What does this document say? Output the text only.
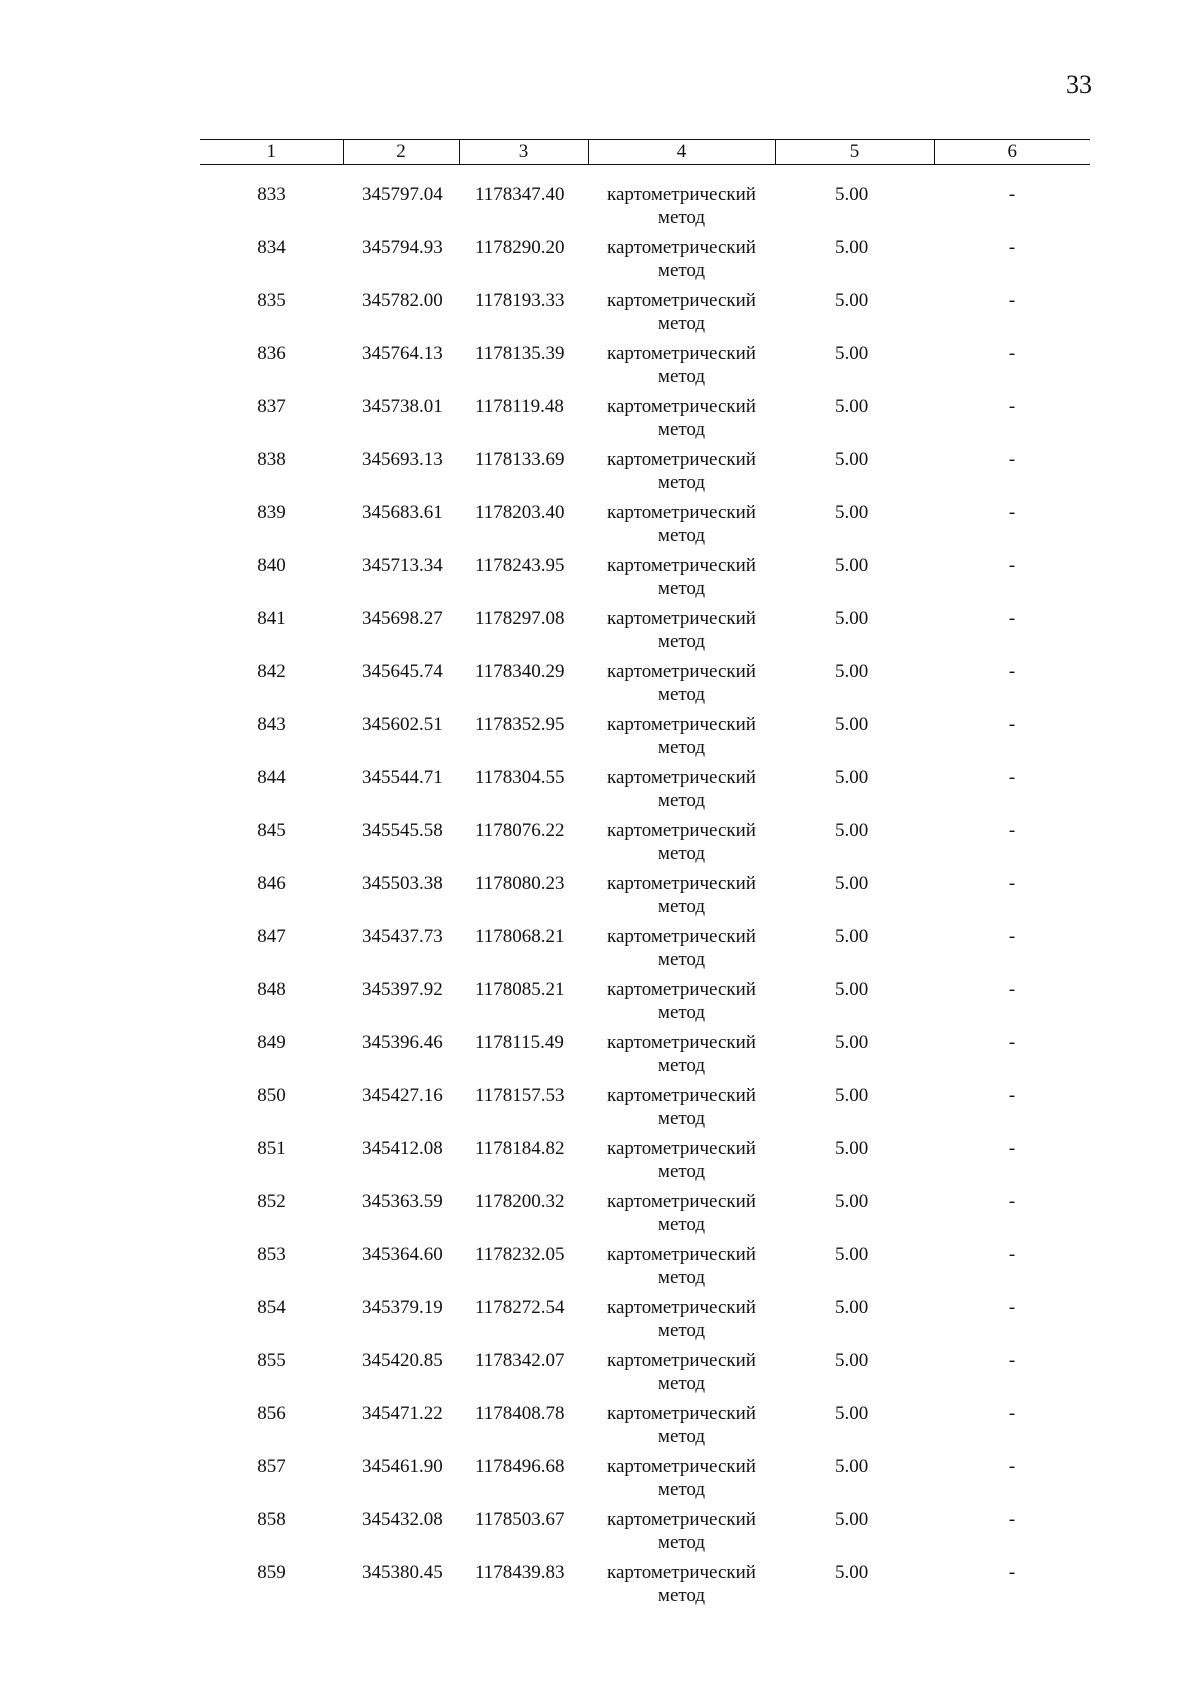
33
1	2	3	4	5	6
833	345797.04	1178347.40	картометрический метод	5.00	-
834	345794.93	1178290.20	картометрический метод	5.00	-
835	345782.00	1178193.33	картометрический метод	5.00	-
836	345764.13	1178135.39	картометрический метод	5.00	-
837	345738.01	1178119.48	картометрический метод	5.00	-
838	345693.13	1178133.69	картометрический метод	5.00	-
839	345683.61	1178203.40	картометрический метод	5.00	-
840	345713.34	1178243.95	картометрический метод	5.00	-
841	345698.27	1178297.08	картометрический метод	5.00	-
842	345645.74	1178340.29	картометрический метод	5.00	-
843	345602.51	1178352.95	картометрический метод	5.00	-
844	345544.71	1178304.55	картометрический метод	5.00	-
845	345545.58	1178076.22	картометрический метод	5.00	-
846	345503.38	1178080.23	картометрический метод	5.00	-
847	345437.73	1178068.21	картометрический метод	5.00	-
848	345397.92	1178085.21	картометрический метод	5.00	-
849	345396.46	1178115.49	картометрический метод	5.00	-
850	345427.16	1178157.53	картометрический метод	5.00	-
851	345412.08	1178184.82	картометрический метод	5.00	-
852	345363.59	1178200.32	картометрический метод	5.00	-
853	345364.60	1178232.05	картометрический метод	5.00	-
854	345379.19	1178272.54	картометрический метод	5.00	-
855	345420.85	1178342.07	картометрический метод	5.00	-
856	345471.22	1178408.78	картометрический метод	5.00	-
857	345461.90	1178496.68	картометрический метод	5.00	-
858	345432.08	1178503.67	картометрический метод	5.00	-
859	345380.45	1178439.83	картометрический метод	5.00	-
